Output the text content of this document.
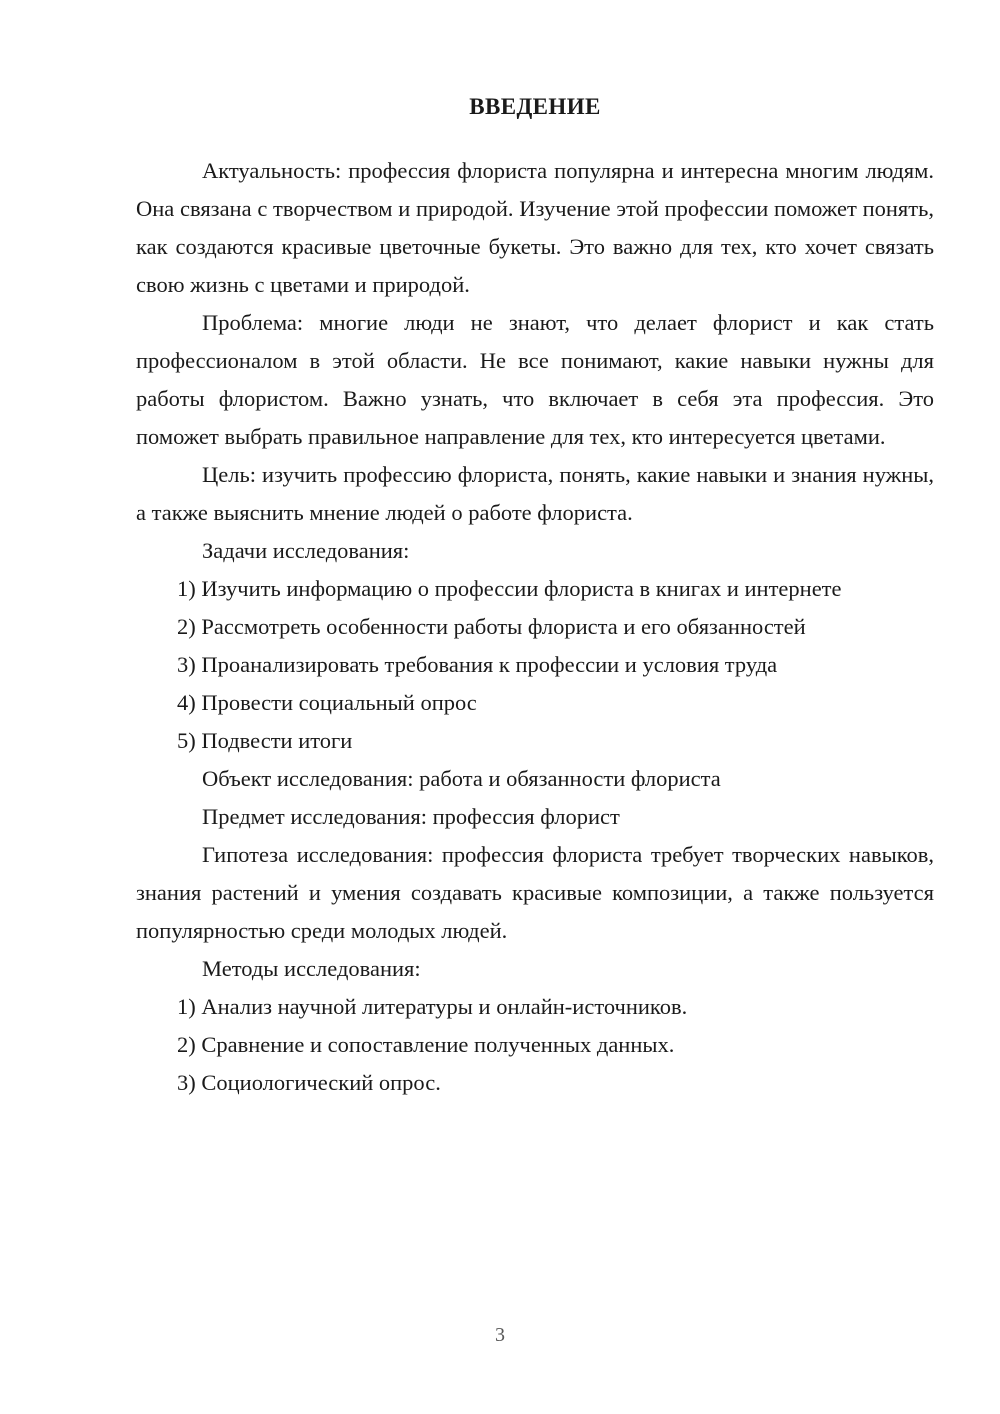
ВВЕДЕНИЕ

Актуальность: профессия флориста популярна и интересна многим людям. Она связана с творчеством и природой. Изучение этой профессии поможет понять, как создаются красивые цветочные букеты. Это важно для тех, кто хочет связать свою жизнь с цветами и природой.

Проблема: многие люди не знают, что делает флорист и как стать профессионалом в этой области. Не все понимают, какие навыки нужны для работы флористом. Важно узнать, что включает в себя эта профессия. Это поможет выбрать правильное направление для тех, кто интересуется цветами.

Цель: изучить профессию флориста, понять, какие навыки и знания нужны, а также выяснить мнение людей о работе флориста.

Задачи исследования:

1) Изучить информацию о профессии флориста в книгах и интернете
2) Рассмотреть особенности работы флориста и его обязанностей
3) Проанализировать требования к профессии и условия труда
4) Провести социальный опрос
5) Подвести итоги

Объект исследования: работа и обязанности флориста

Предмет исследования: профессия флорист

Гипотеза исследования: профессия флориста требует творческих навыков, знания растений и умения создавать красивые композиции, а также пользуется популярностью среди молодых людей.

Методы исследования:

1) Анализ научной литературы и онлайн-источников.
2) Сравнение и сопоставление полученных данных.
3) Социологический опрос.
3
